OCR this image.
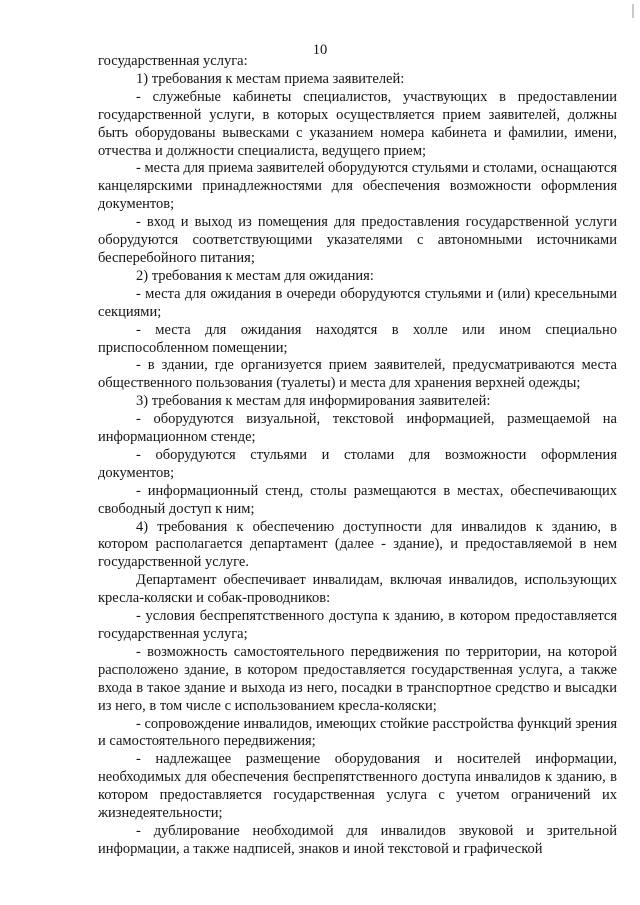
10

государственная услуга:

1) требования к местам приема заявителей:

- служебные кабинеты специалистов, участвующих в предоставлении государственной услуги, в которых осуществляется прием заявителей, должны быть оборудованы вывесками с указанием номера кабинета и фамилии, имени, отчества и должности специалиста, ведущего прием;

- места для приема заявителей оборудуются стульями и столами, оснащаются канцелярскими принадлежностями для обеспечения возможности оформления документов;

- вход и выход из помещения для предоставления государственной услуги оборудуются соответствующими указателями с автономными источниками бесперебойного питания;

2) требования к местам для ожидания:

- места для ожидания в очереди оборудуются стульями и (или) кресельными секциями;

- места для ожидания находятся в холле или ином специально приспособленном помещении;

- в здании, где организуется прием заявителей, предусматриваются места общественного пользования (туалеты) и места для хранения верхней одежды;

3) требования к местам для информирования заявителей:

- оборудуются визуальной, текстовой информацией, размещаемой на информационном стенде;

- оборудуются стульями и столами для возможности оформления документов;

- информационный стенд, столы размещаются в местах, обеспечивающих свободный доступ к ним;

4) требования к обеспечению доступности для инвалидов к зданию, в котором располагается департамент (далее - здание), и предоставляемой в нем государственной услуге.

Департамент обеспечивает инвалидам, включая инвалидов, использующих кресла-коляски и собак-проводников:

- условия беспрепятственного доступа к зданию, в котором предоставляется государственная услуга;

- возможность самостоятельного передвижения по территории, на которой расположено здание, в котором предоставляется государственная услуга, а также входа в такое здание и выхода из него, посадки в транспортное средство и высадки из него, в том числе с использованием кресла-коляски;

- сопровождение инвалидов, имеющих стойкие расстройства функций зрения и самостоятельного передвижения;

- надлежащее размещение оборудования и носителей информации, необходимых для обеспечения беспрепятственного доступа инвалидов к зданию, в котором предоставляется государственная услуга с учетом ограничений их жизнедеятельности;

- дублирование необходимой для инвалидов звуковой и зрительной информации, а также надписей, знаков и иной текстовой и графической
